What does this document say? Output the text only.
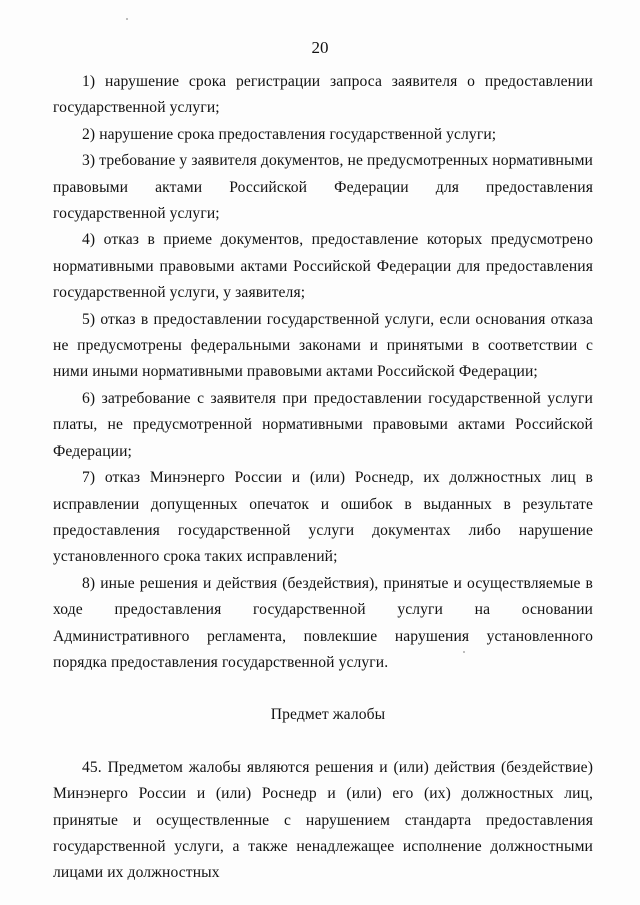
20

1) нарушение срока регистрации запроса заявителя о предоставлении государственной услуги;

2) нарушение срока предоставления государственной услуги;

3) требование у заявителя документов, не предусмотренных нормативными правовыми актами Российской Федерации для предоставления государственной услуги;

4) отказ в приеме документов, предоставление которых предусмотрено нормативными правовыми актами Российской Федерации для предоставления государственной услуги, у заявителя;

5) отказ в предоставлении государственной услуги, если основания отказа не предусмотрены федеральными законами и принятыми в соответствии с ними иными нормативными правовыми актами Российской Федерации;

6) затребование с заявителя при предоставлении государственной услуги платы, не предусмотренной нормативными правовыми актами Российской Федерации;

7) отказ Минэнерго России и (или) Роснедр, их должностных лиц в исправлении допущенных опечаток и ошибок в выданных в результате предоставления государственной услуги документах либо нарушение установленного срока таких исправлений;

8) иные решения и действия (бездействия), принятые и осуществляемые в ходе предоставления государственной услуги на основании Административного регламента, повлекшие нарушения установленного порядка предоставления государственной услуги.

Предмет жалобы

45. Предметом жалобы являются решения и (или) действия (бездействие) Минэнерго России и (или) Роснедр и (или) его (их) должностных лиц, принятые и осуществленные с нарушением стандарта предоставления государственной услуги, а также ненадлежащее исполнение должностными лицами их должностных
